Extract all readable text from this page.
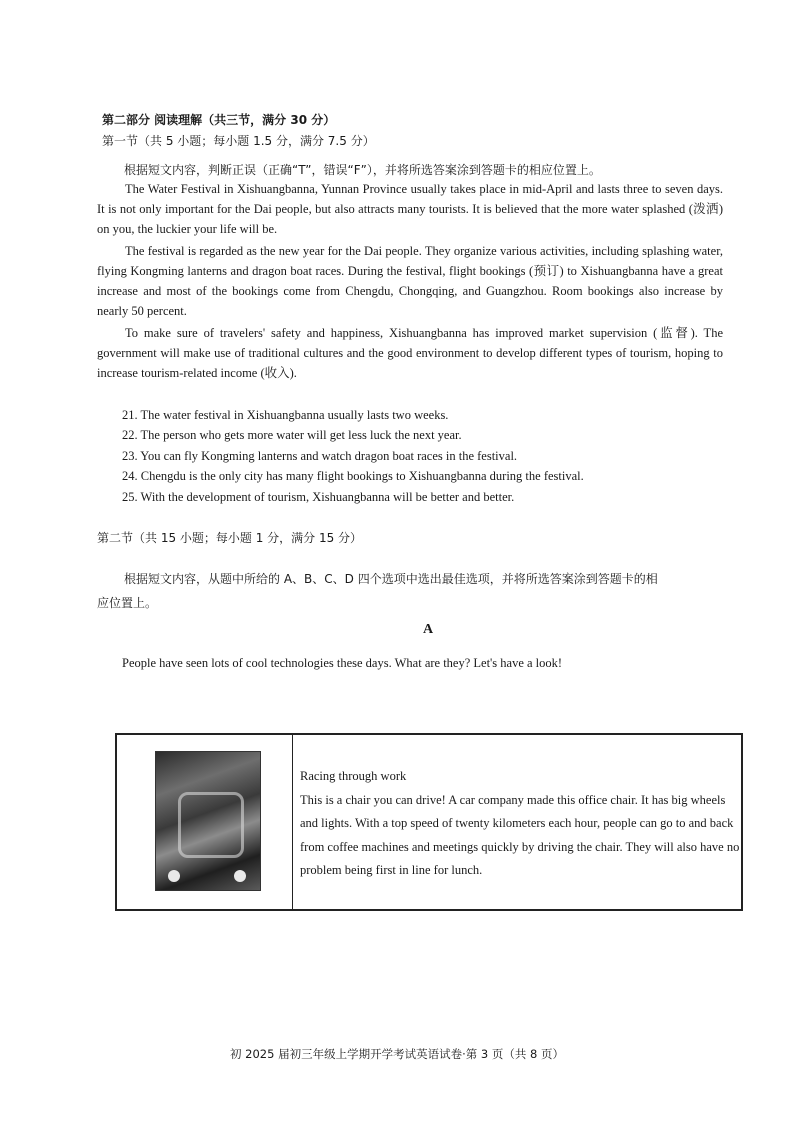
第二部分 阅读理解（共三节，满分 30 分）
第一节（共 5 小题；每小题 1.5 分，满分 7.5 分）
根据短文内容，判断正误（正确“T”，错误“F”），并将所选答案涂到答题卡的相应位置上。
The Water Festival in Xishuangbanna, Yunnan Province usually takes place in mid-April and lasts three to seven days. It is not only important for the Dai people, but also attracts many tourists. It is believed that the more water splashed (泼洒) on you, the luckier your life will be.
The festival is regarded as the new year for the Dai people. They organize various activities, including splashing water, flying Kongming lanterns and dragon boat races. During the festival, flight bookings (预订) to Xishuangbanna have a great increase and most of the bookings come from Chengdu, Chongqing, and Guangzhou. Room bookings also increase by nearly 50 percent.
To make sure of travelers' safety and happiness, Xishuangbanna has improved market supervision (监督). The government will make use of traditional cultures and the good environment to develop different types of tourism, hoping to increase tourism-related income (收入).
21. The water festival in Xishuangbanna usually lasts two weeks.
22. The person who gets more water will get less luck the next year.
23. You can fly Kongming lanterns and watch dragon boat races in the festival.
24. Chengdu is the only city has many flight bookings to Xishuangbanna during the festival.
25. With the development of tourism, Xishuangbanna will be better and better.
第二节（共 15 小题；每小题 1 分，满分 15 分）
根据短文内容，从题中所给的 A、B、C、D 四个选项中选出最佳选项，并将所选答案涂到答题卡的相
应位置上。
A
People have seen lots of cool technologies these days. What are they? Let's have a look!

Racing through work

This is a chair you can drive! A car company made this office chair. It has big wheels and lights. With a top speed of twenty kilometers each hour, people can go to and back from coffee machines and meetings quickly by driving the chair. They will also have no problem being first in line for lunch.

初 2025 届初三年级上学期开学考试英语试卷·第 3 页（共 8 页）
